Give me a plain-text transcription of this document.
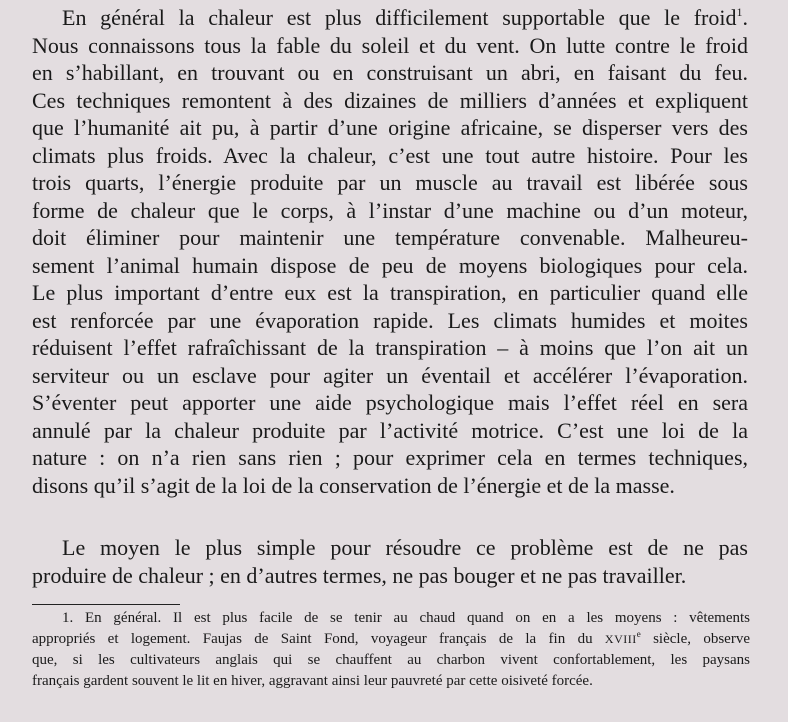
En général la chaleur est plus difficilement supportable que le froid$^1$.
Nous connaissons tous la fable du soleil et du vent. On lutte contre le froid
en s’habillant, en trouvant ou en construisant un abri, en faisant du feu.
Ces techniques remontent à des dizaines de milliers d’années et expliquent
que l’humanité ait pu, à partir d’une origine africaine, se disperser vers des
climats plus froids. Avec la chaleur, c’est une tout autre histoire. Pour les
trois quarts, l’énergie produite par un muscle au travail est libérée sous
forme de chaleur que le corps, à l’instar d’une machine ou d’un moteur,
doit éliminer pour maintenir une température convenable. Malheureu-
sement l’animal humain dispose de peu de moyens biologiques pour cela.
Le plus important d’entre eux est la transpiration, en particulier quand elle
est renforcée par une évaporation rapide. Les climats humides et moites
réduisent l’effet rafraîchissant de la transpiration – à moins que l’on ait un
serviteur ou un esclave pour agiter un éventail et accélérer l’évaporation.
S’éventer peut apporter une aide psychologique mais l’effet réel en sera
annulé par la chaleur produite par l’activité motrice. C’est une loi de la
nature : on n’a rien sans rien ; pour exprimer cela en termes techniques,
disons qu’il s’agit de la loi de la conservation de l’énergie et de la masse.
Le moyen le plus simple pour résoudre ce problème est de ne pas
produire de chaleur ; en d’autres termes, ne pas bouger et ne pas travailler.
1. En général. Il est plus facile de se tenir au chaud quand on en a les moyens : vêtements
appropriés et logement. Faujas de Saint Fond, voyageur français de la fin du XVIIIe siècle, observe
que, si les cultivateurs anglais qui se chauffent au charbon vivent confortablement, les paysans
français gardent souvent le lit en hiver, aggravant ainsi leur pauvreté par cette oisiveté forcée.
